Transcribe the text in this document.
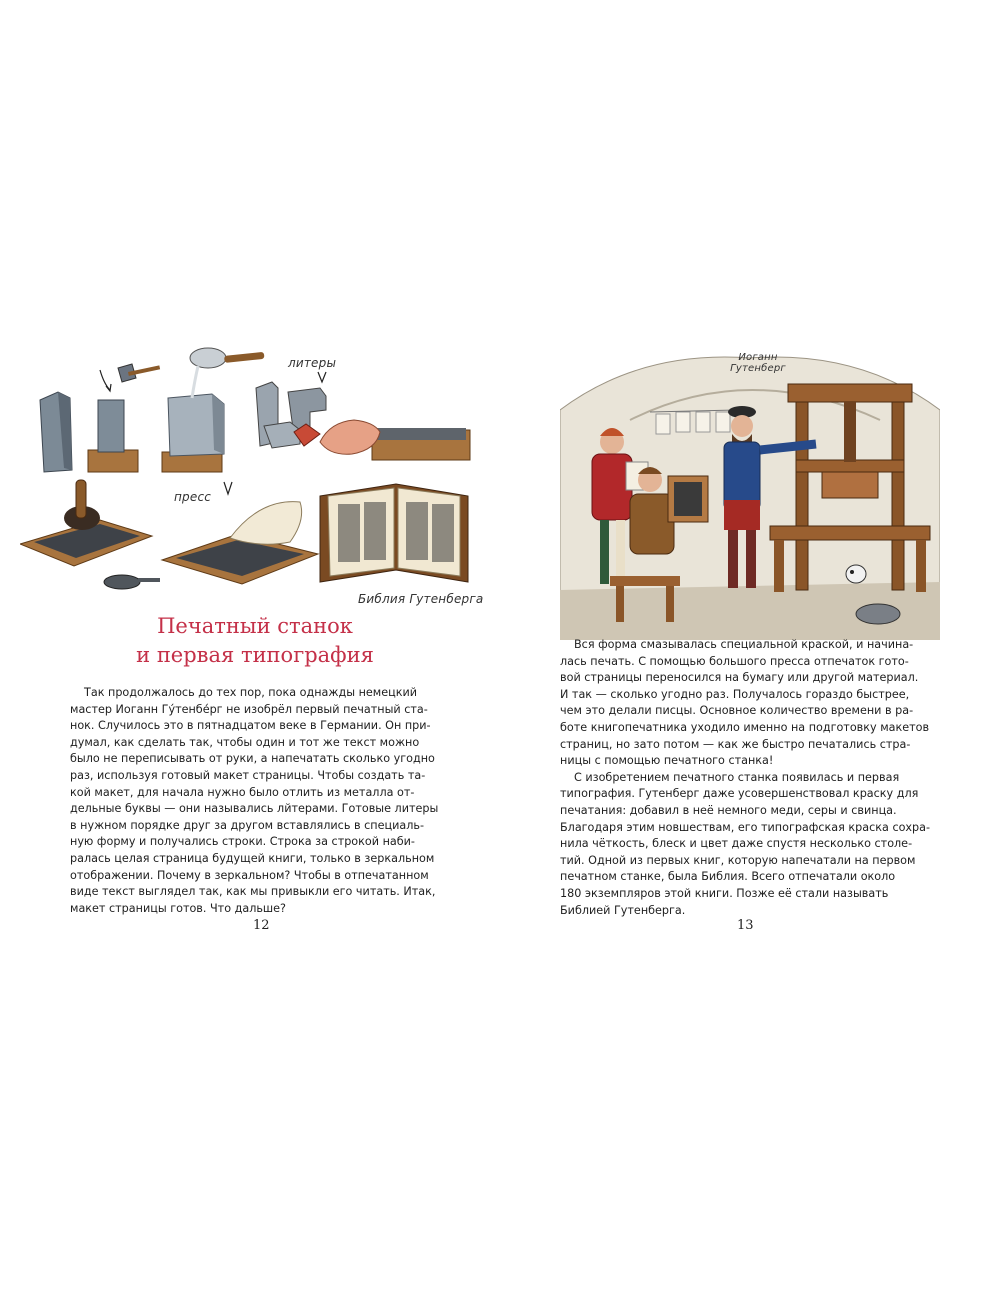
литеры
пресс
Библия Гутенберга
Печатный станок
и первая типография
Так продолжалось до тех пор, пока однажды немецкий
мастер Иоганн Гу́тенбе́рг не изобрёл первый печатный ста-
нок. Случилось это в пятнадцатом веке в Германии. Он при-
думал, как сделать так, чтобы один и тот же текст можно
было не переписывать от руки, а напечатать сколько угодно
раз, используя готовый макет страницы. Чтобы создать та-
кой макет, для начала нужно было отлить из металла от-
дельные буквы — они назывались лйтерами. Готовые литеры
в нужном порядке друг за другом вставлялись в специаль-
ную форму и получались строки. Строка за строкой наби-
ралась целая страница будущей книги, только в зеркальном
отображении. Почему в зеркальном? Чтобы в отпечатанном
виде текст выглядел так, как мы привыкли его читать. Итак,
макет страницы готов. Что дальше?
12
Иоганн Гутенберг
Вся форма смазывалась специальной краской, и начина-
лась печать. С помощью большого пресса отпечаток гото-
вой страницы переносился на бумагу или другой материал.
И так — сколько угодно раз. Получалось гораздо быстрее,
чем это делали писцы. Основное количество времени в ра-
боте книгопечатника уходило именно на подготовку макетов
страниц, но зато потом — как же быстро печатались стра-
ницы с помощью печатного станка!
С изобретением печатного станка появилась и первая
типография. Гутенберг даже усовершенствовал краску для
печатания: добавил в неё немного меди, серы и свинца.
Благодаря этим новшествам, его типографская краска сохра-
нила чёткость, блеск и цвет даже спустя несколько столе-
тий. Одной из первых книг, которую напечатали на первом
печатном станке, была Библия. Всего отпечатали около
180 экземпляров этой книги. Позже её стали называть
Библией Гутенберга.
13
